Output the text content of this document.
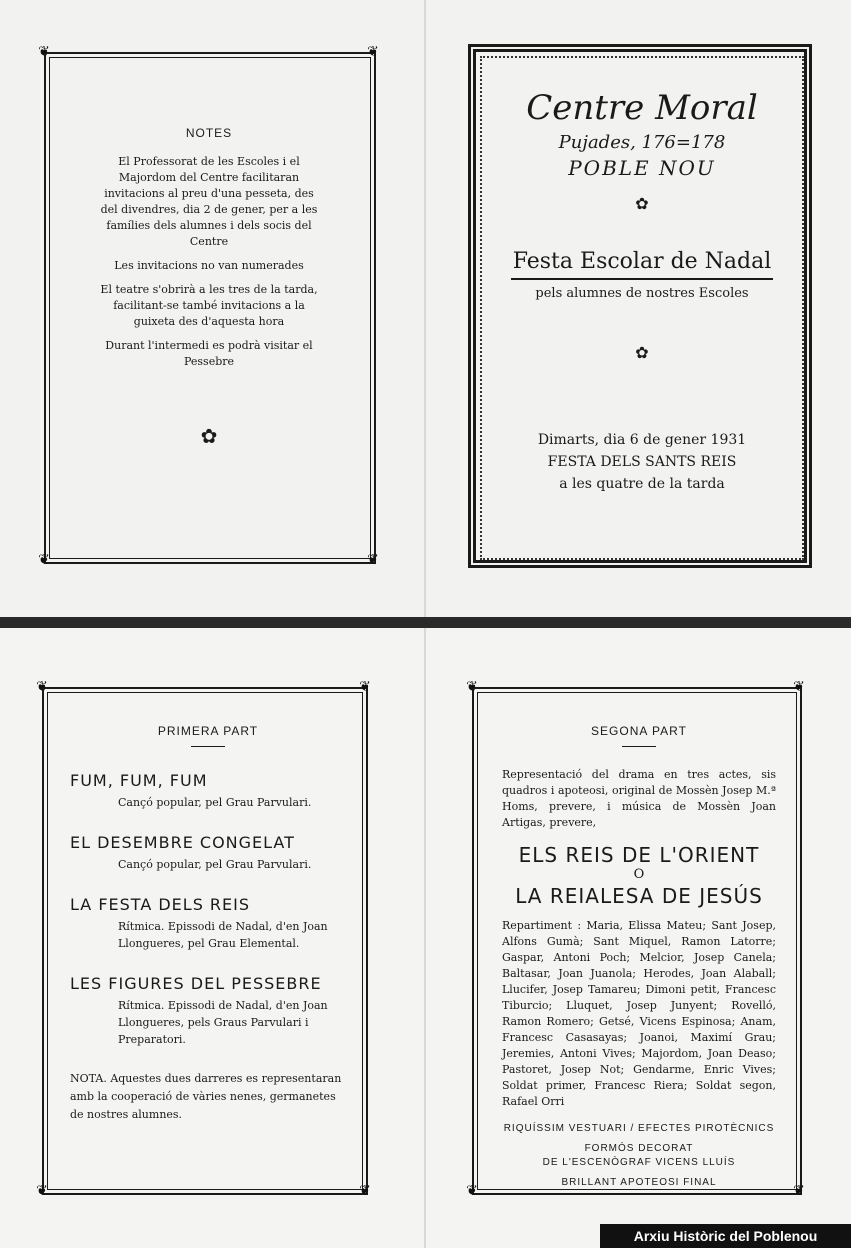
❦	❦
❦	❦
NOTES

El Professorat de les Escoles i el Majordom del Centre facilitaran invitacions al preu d'una pesseta, des del divendres, dia 2 de gener, per a les famílies dels alumnes i dels socis del Centre

Les invitacions no van numerades

El teatre s'obrirà a les tres de la tarda, facilitant-se també invitacions a la guixeta des d'aquesta hora

Durant l'intermedi es podrà visitar el Pessebre

✿
Centre Moral
Pujades, 176=178
POBLE NOU
✿
Festa Escolar de Nadal
pels alumnes de nostres Escoles
✿
Dimarts, dia 6 de gener 1931
FESTA DELS SANTS REIS
a les quatre de la tarda
❦	❦
❦	❦
PRIMERA PART
FUM, FUM, FUM
Cançó popular, pel Grau Parvulari.
EL DESEMBRE CONGELAT
Cançó popular, pel Grau Parvulari.
LA FESTA DELS REIS
Rítmica. Epissodi de Nadal, d'en Joan Llongueres, pel Grau Elemental.
LES FIGURES DEL PESSEBRE
Rítmica. Epissodi de Nadal, d'en Joan Llongueres, pels Graus Parvulari i Preparatori.
NOTA. Aquestes dues darreres es representaran amb la cooperació de vàries nenes, germanetes de nostres alumnes.
❦	❦
❦	❦
SEGONA PART
Representació del drama en tres actes, sis quadros i apoteosi, original de Mossèn Josep M.ª Homs, prevere, i música de Mossèn Joan Artigas, prevere,
ELS REIS DE L'ORIENT
O
LA REIALESA DE JESÚS
Repartiment : Maria, Elissa Mateu; Sant Josep, Alfons Gumà; Sant Miquel, Ramon Latorre; Gaspar, Antoni Poch; Melcior, Josep Canela; Baltasar, Joan Juanola; Herodes, Joan Alaball; Llucifer, Josep Tamareu; Dimoni petit, Francesc Tiburcio; Lluquet, Josep Junyent; Rovelló, Ramon Romero; Getsé, Vicens Espinosa; Anam, Francesc Casasayas; Joanoi, Maximí Grau; Jeremies, Antoni Vives; Majordom, Joan Deaso; Pastoret, Josep Not; Gendarme, Enric Vives; Soldat primer, Francesc Riera; Soldat segon, Rafael Orri
RIQUÍSSIM VESTUARI / EFECTES PIROTÈCNICS
FORMÓS DECORAT
DE L'ESCENÒGRAF VICENS LLUÍS
BRILLANT APOTEOSI FINAL
Arxiu Històric del Poblenou
